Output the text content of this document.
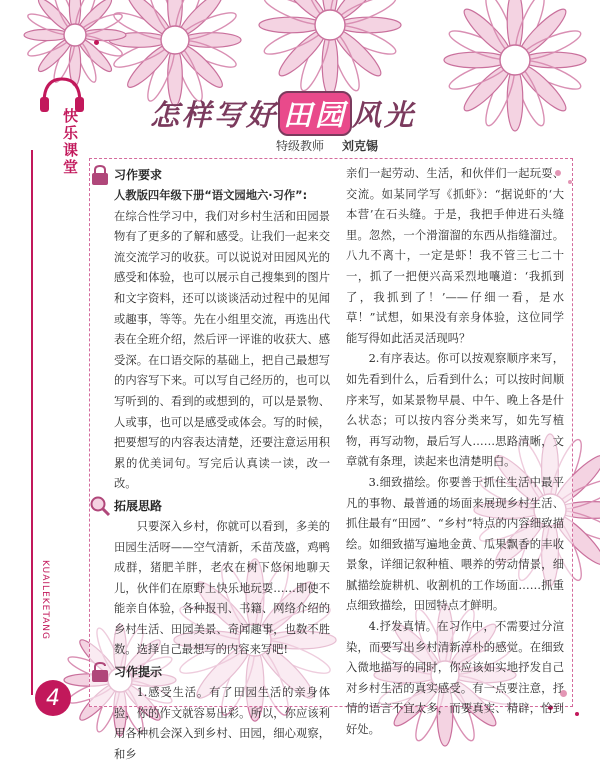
快乐课堂
KUAILEKETANG
4
怎样写好 田园 风光
特级教师 刘克锡
习作要求

人教版四年级下册“语文园地六·习作”:

在综合性学习中，我们对乡村生活和田园景物有了更多的了解和感受。让我们一起来交流交流学习的收获。可以说说对田园风光的感受和体验，也可以展示自己搜集到的图片和文字资料，还可以谈谈活动过程中的见闻或趣事，等等。先在小组里交流，再选出代表在全班介绍，然后评一评谁的收获大、感受深。在口语交际的基础上，把自己最想写的内容写下来。可以写自己经历的，也可以写听到的、看到的或想到的，可以是景物、人或事，也可以是感受或体会。写的时候，把要想写的内容表达清楚，还要注意运用积累的优美词句。写完后认真读一读，改一改。

拓展思路

只要深入乡村，你就可以看到，多美的田园生活呀——空气清新，禾苗茂盛，鸡鸭成群，猪肥羊胖，老农在树下悠闲地聊天儿，伙伴们在原野上快乐地玩耍……即使不能亲自体验，各种报刊、书籍、网络介绍的乡村生活、田园美景、奇闻趣事，也数不胜数。选择自己最想写的内容来写吧!

习作提示

1.感受生活。有了田园生活的亲身体验，你的作文就容易出彩。所以，你应该利用各种机会深入到乡村、田园，细心观察，和乡

亲们一起劳动、生活，和伙伴们一起玩耍、交流。如某同学写《抓虾》：“据说虾的‘大本营’在石头缝。于是，我把手伸进石头缝里。忽然，一个滑溜溜的东西从指缝溜过。八九不离十，一定是虾！我不管三七二十一，抓了一把便兴高采烈地嚷道：‘我抓到了，我抓到了！’——仔细一看，是水草！”试想，如果没有亲身体验，这位同学能写得如此活灵活现吗？

2.有序表达。你可以按观察顺序来写，如先看到什么，后看到什么；可以按时间顺序来写，如某景物早晨、中午、晚上各是什么状态；可以按内容分类来写，如先写植物，再写动物，最后写人……思路清晰，文章就有条理，读起来也清楚明白。

3.细致描绘。你要善于抓住生活中最平凡的事物、最普通的场面来展现乡村生活、抓住最有“田园”、“乡村”特点的内容细致描绘。如细致描写遍地金黄、瓜果飘香的丰收景象，详细记叙种植、喂养的劳动情景，细腻描绘旋耕机、收割机的工作场面……抓重点细致描绘，田园特点才鲜明。

4.抒发真情。在习作中，不需要过分渲染，而要写出乡村清新淳朴的感觉。在细致入微地描写的同时，你应该如实地抒发自己对乡村生活的真实感受。有一点要注意，抒情的语言不宜太多，而要真实、精辟，恰到好处。
